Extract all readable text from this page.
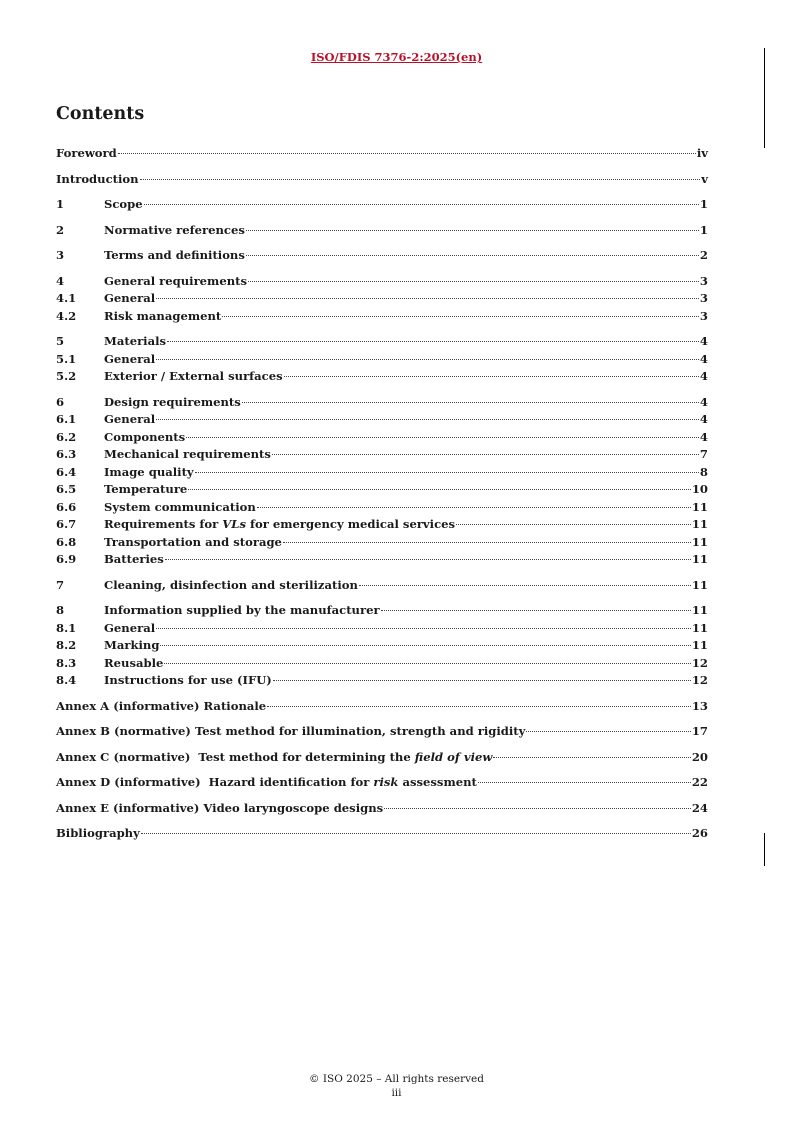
ISO/FDIS 7376-2:2025(en)
Contents
Foreword	iv
Introduction	v
1	Scope	1
2	Normative references	1
3	Terms and definitions	2
4	General requirements	3
4.1	General	3
4.2	Risk management	3
5	Materials	4
5.1	General	4
5.2	Exterior / External surfaces	4
6	Design requirements	4
6.1	General	4
6.2	Components	4
6.3	Mechanical requirements	7
6.4	Image quality	8
6.5	Temperature	10
6.6	System communication	11
6.7	Requirements for VLs for emergency medical services	11
6.8	Transportation and storage	11
6.9	Batteries	11
7	Cleaning, disinfection and sterilization	11
8	Information supplied by the manufacturer	11
8.1	General	11
8.2	Marking	11
8.3	Reusable	12
8.4	Instructions for use (IFU)	12
Annex A (informative) Rationale	13
Annex B (normative) Test method for illumination, strength and rigidity	17
Annex C (normative)  Test method for determining the field of view	20
Annex D (informative)  Hazard identification for risk assessment	22
Annex E (informative) Video laryngoscope designs	24
Bibliography	26
© ISO 2025 – All rights reserved
iii
